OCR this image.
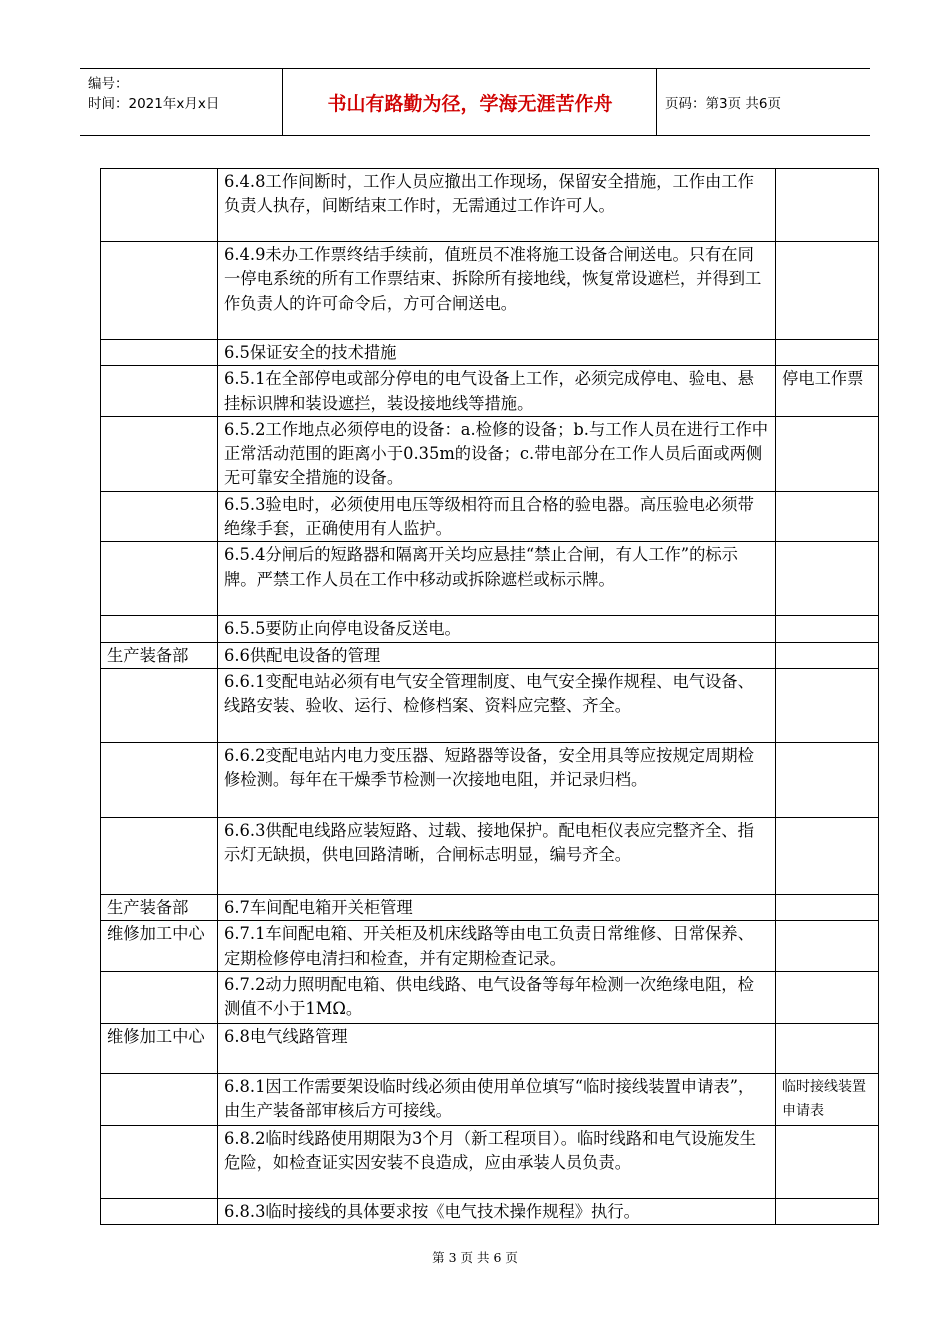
编号：
时间：2021年x月x日	书山有路勤为径，学海无涯苦作舟	页码：第3页 共6页
	6.4.8工作间断时，工作人员应撤出工作现场，保留安全措施，工作由工作负责人执存，间断结束工作时，无需通过工作许可人。	
	6.4.9未办工作票终结手续前，值班员不准将施工设备合闸送电。只有在同一停电系统的所有工作票结束、拆除所有接地线，恢复常设遮栏，并得到工作负责人的许可命令后，方可合闸送电。	
	6.5保证安全的技术措施	
	6.5.1在全部停电或部分停电的电气设备上工作，必须完成停电、验电、悬挂标识牌和装设遮拦，装设接地线等措施。	停电工作票
	6.5.2工作地点必须停电的设备：a.检修的设备；b.与工作人员在进行工作中正常活动范围的距离小于0.35m的设备；c.带电部分在工作人员后面或两侧无可靠安全措施的设备。	
	6.5.3验电时，必须使用电压等级相符而且合格的验电器。高压验电必须带绝缘手套，正确使用有人监护。	
	6.5.4分闸后的短路器和隔离开关均应悬挂“禁止合闸，有人工作”的标示牌。严禁工作人员在工作中移动或拆除遮栏或标示牌。	
	6.5.5要防止向停电设备反送电。	
生产装备部	6.6供配电设备的管理	
	6.6.1变配电站必须有电气安全管理制度、电气安全操作规程、电气设备、线路安装、验收、运行、检修档案、资料应完整、齐全。	
	6.6.2变配电站内电力变压器、短路器等设备，安全用具等应按规定周期检修检测。每年在干燥季节检测一次接地电阻，并记录归档。	
	6.6.3供配电线路应装短路、过载、接地保护。配电柜仪表应完整齐全、指示灯无缺损，供电回路清晰，合闸标志明显，编号齐全。	
生产装备部	6.7车间配电箱开关柜管理	
维修加工中心	6.7.1车间配电箱、开关柜及机床线路等由电工负责日常维修、日常保养、定期检修停电清扫和检查，并有定期检查记录。	
	6.7.2动力照明配电箱、供电线路、电气设备等每年检测一次绝缘电阻，检测值不小于1MΩ。	
维修加工中心	6.8电气线路管理	
	6.8.1因工作需要架设临时线必须由使用单位填写“临时接线装置申请表”，由生产装备部审核后方可接线。	临时接线装置申请表
	6.8.2临时线路使用期限为3个月（新工程项目）。临时线路和电气设施发生危险，如检查证实因安装不良造成，应由承装人员负责。	
	6.8.3临时接线的具体要求按《电气技术操作规程》执行。	
第 3 页 共 6 页
